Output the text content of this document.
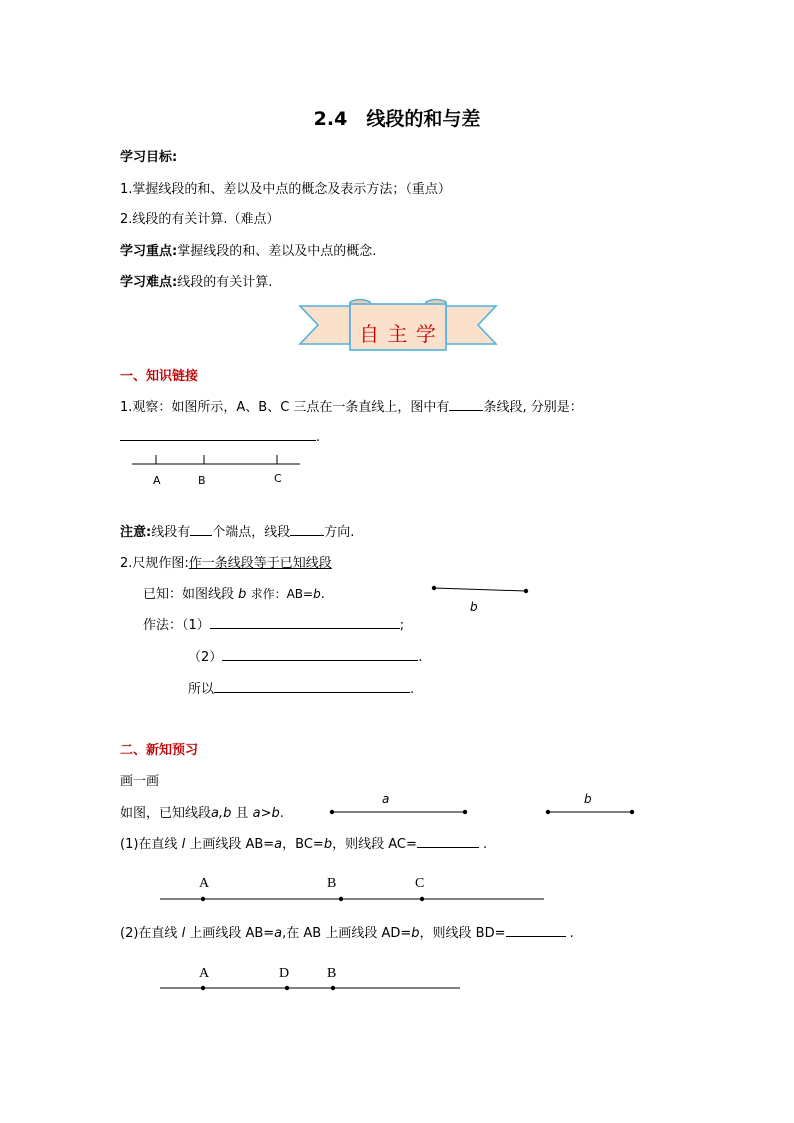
2.4　线段的和与差
学习目标:
1.掌握线段的和、差以及中点的概念及表示方法；（重点）
2.线段的有关计算.（难点）
学习重点:掌握线段的和、差以及中点的概念.
学习难点:线段的有关计算.
自 主 学
一、知识链接
1.观察：如图所示，A、B、C 三点在一条直线上，图中有	条线段, 分别是：
.
A	B	C
注意:线段有 个端点，线段	方向.
2.尺规作图:作一条线段等于已知线段
已知：如图线段 b 求作：AB=b.
b
作法：（1）	;
（2）	.
所以	.
二、新知预习
画一画
如图，已知线段a,b 且 a>b.
a	b
(1)在直线 l 上画线段 AB=a，BC=b，则线段 AC=	.
A	B	C
(2)在直线 l 上画线段 AB=a,在 AB 上画线段 AD=b，则线段 BD=	.
A	D	B
